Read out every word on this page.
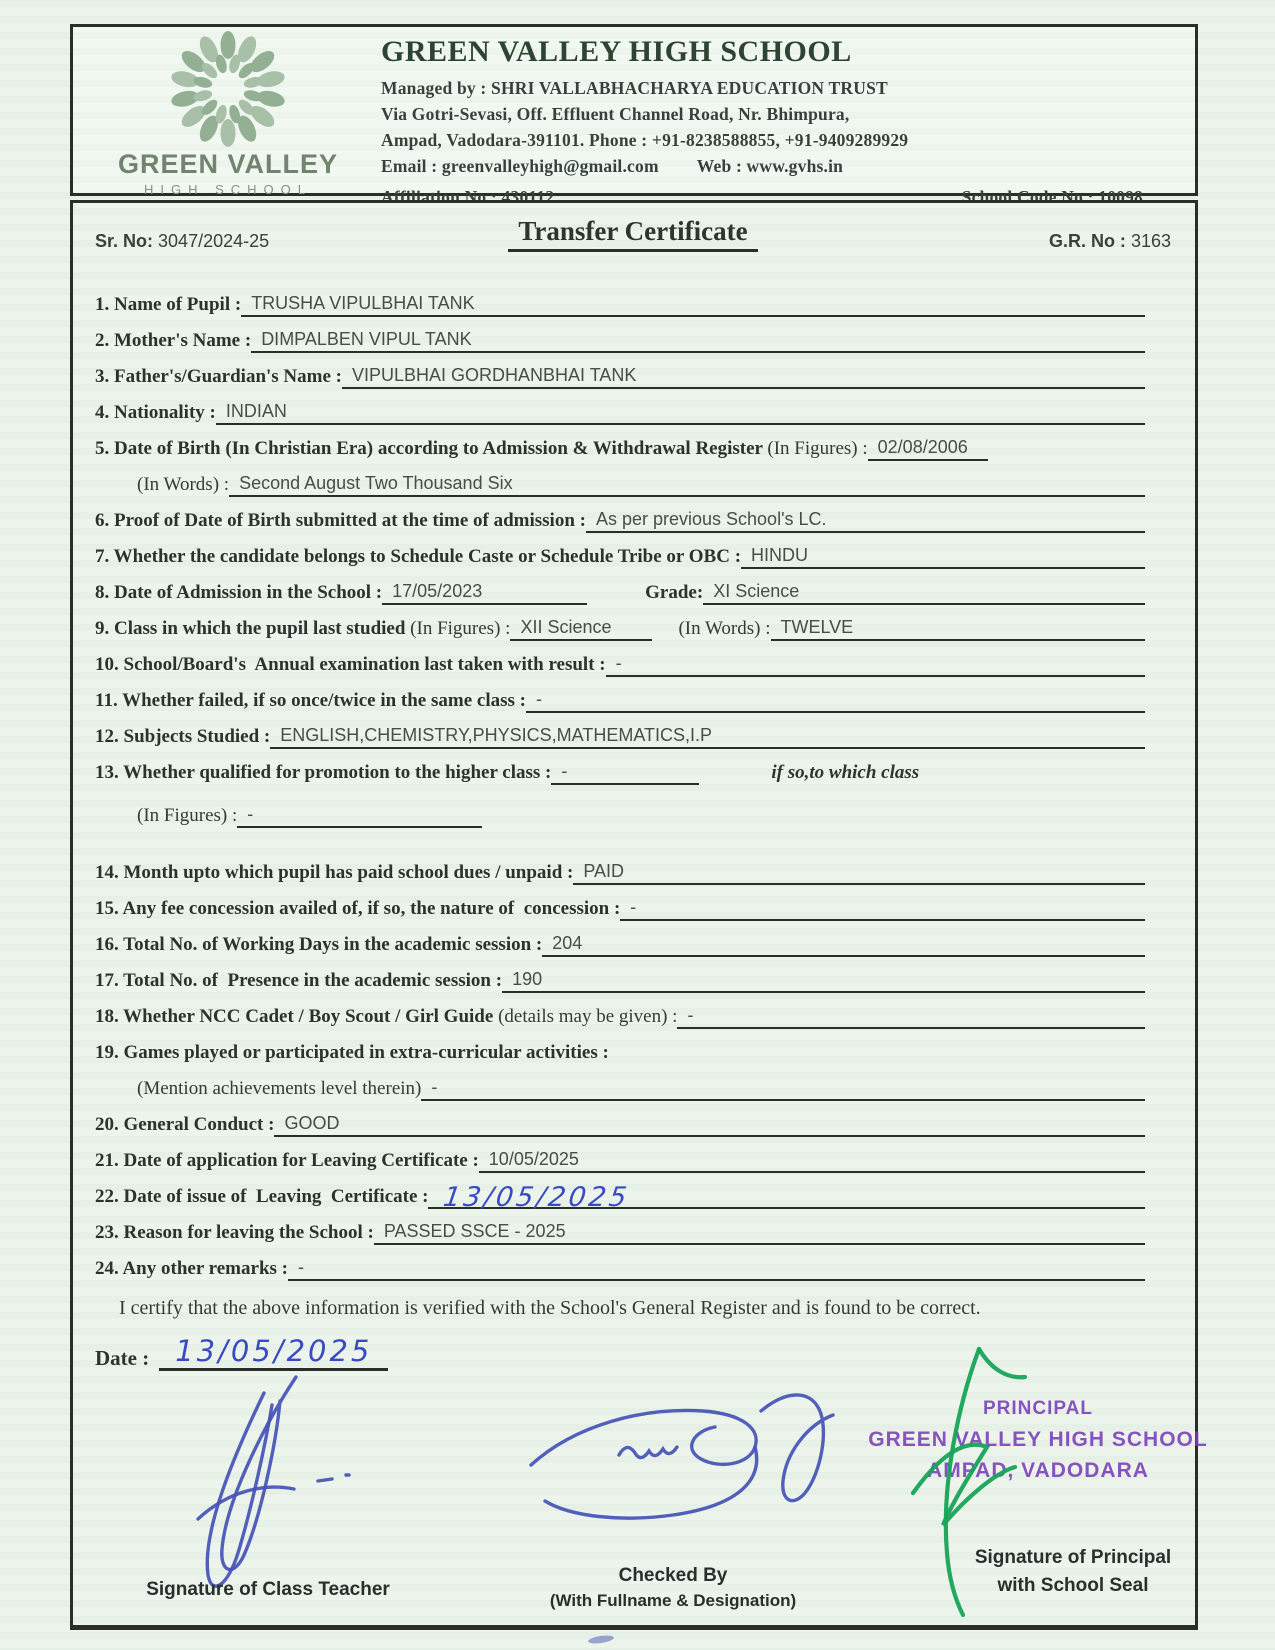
GREEN VALLEY
HIGH SCHOOL
GREEN VALLEY HIGH SCHOOL
Managed by : SHRI VALLABHACHARYA EDUCATION TRUST
Via Gotri-Sevasi, Off. Effluent Channel Road, Nr. Bhimpura,
Ampad, Vadodara-391101. Phone : +91-8238588855, +91-9409289929
Email : greenvalleyhigh@gmail.com Web : www.gvhs.in
Affiliation No : 430112	School Code No : 10098
Sr. No: 3047/2024-25	Transfer Certificate	G.R. No : 3163
1. Name of Pupil : TRUSHA VIPULBHAI TANK
2. Mother's Name : DIMPALBEN VIPUL TANK
3. Father's/Guardian's Name : VIPULBHAI GORDHANBHAI TANK
4. Nationality : INDIAN
5. Date of Birth (In Christian Era) according to Admission & Withdrawal Register (In Figures) : 02/08/2006
(In Words) : Second August Two Thousand Six
6. Proof of Date of Birth submitted at the time of admission : As per previous School's LC.
7. Whether the candidate belongs to Schedule Caste or Schedule Tribe or OBC : HINDU
8. Date of Admission in the School : 17/05/2023	Grade: XI Science
9. Class in which the pupil last studied (In Figures) : XII Science	(In Words) : TWELVE
10. School/Board's  Annual examination last taken with result : -
11. Whether failed, if so once/twice in the same class : -
12. Subjects Studied : ENGLISH,CHEMISTRY,PHYSICS,MATHEMATICS,I.P
13. Whether qualified for promotion to the higher class : -	if so,to which class
(In Figures) : -
14. Month upto which pupil has paid school dues / unpaid : PAID
15. Any fee concession availed of, if so, the nature of  concession : -
16. Total No. of Working Days in the academic session : 204
17. Total No. of  Presence in the academic session : 190
18. Whether NCC Cadet / Boy Scout / Girl Guide (details may be given) : -
19. Games played or participated in extra-curricular activities :
(Mention achievements level therein) -
20. General Conduct : GOOD
21. Date of application for Leaving Certificate : 10/05/2025
22. Date of issue of  Leaving  Certificate : 13/05/2025
23. Reason for leaving the School : PASSED SSCE - 2025
24. Any other remarks : -
I certify that the above information is verified with the School's General Register and is found to be correct.
Date : 13/05/2025
Signature of Class Teacher
Checked By
(With Fullname & Designation)
PRINCIPAL
GREEN VALLEY HIGH SCHOOL
AMPAD, VADODARA
Signature of Principal
with School Seal
